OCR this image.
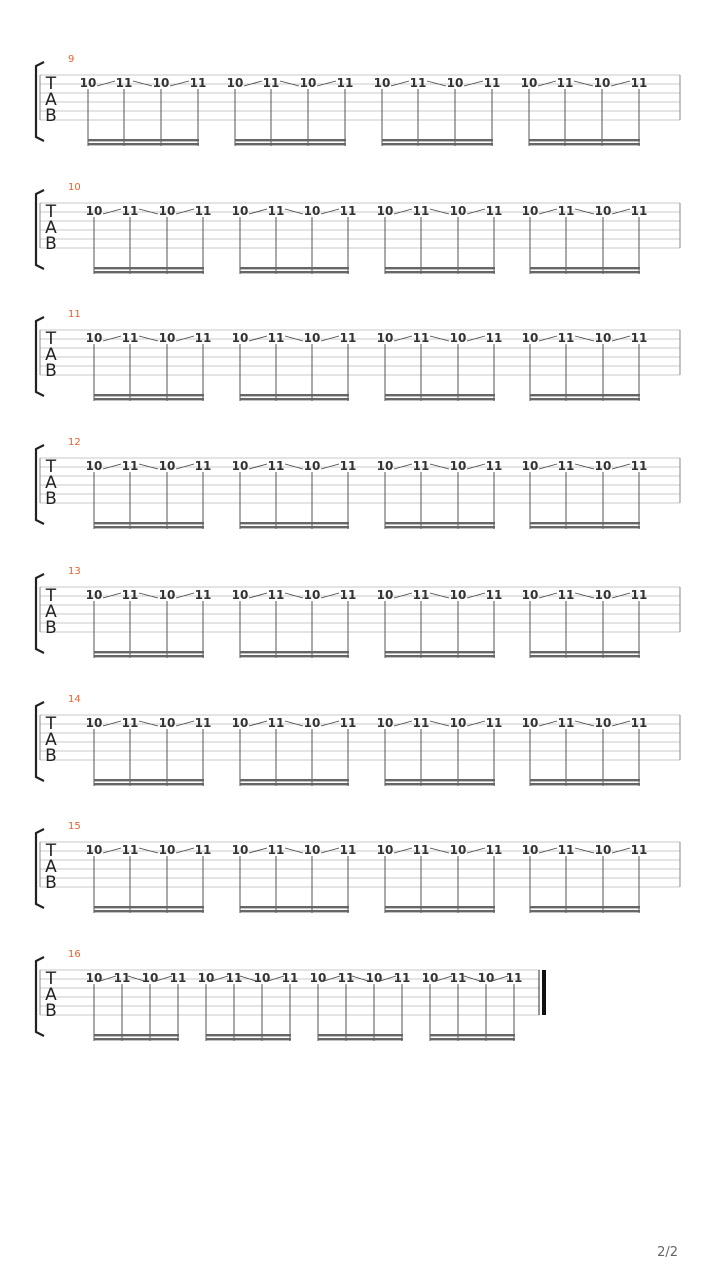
9
T
A
B
10 11 10 11 10 11 10 11 10 11 10 11 10 11 10 11
10
T
A
B
10 11 10 11 10 11 10 11 10 11 10 11 10 11 10 11
11
T
A
B
10 11 10 11 10 11 10 11 10 11 10 11 10 11 10 11
12
T
A
B
10 11 10 11 10 11 10 11 10 11 10 11 10 11 10 11
13
T
A
B
10 11 10 11 10 11 10 11 10 11 10 11 10 11 10 11
14
T
A
B
10 11 10 11 10 11 10 11 10 11 10 11 10 11 10 11
15
T
A
B
10 11 10 11 10 11 10 11 10 11 10 11 10 11 10 11
16
T
A
B
10 11 10 11 10 11 10 11 10 11 10 11 10 11 10 11
2/2
